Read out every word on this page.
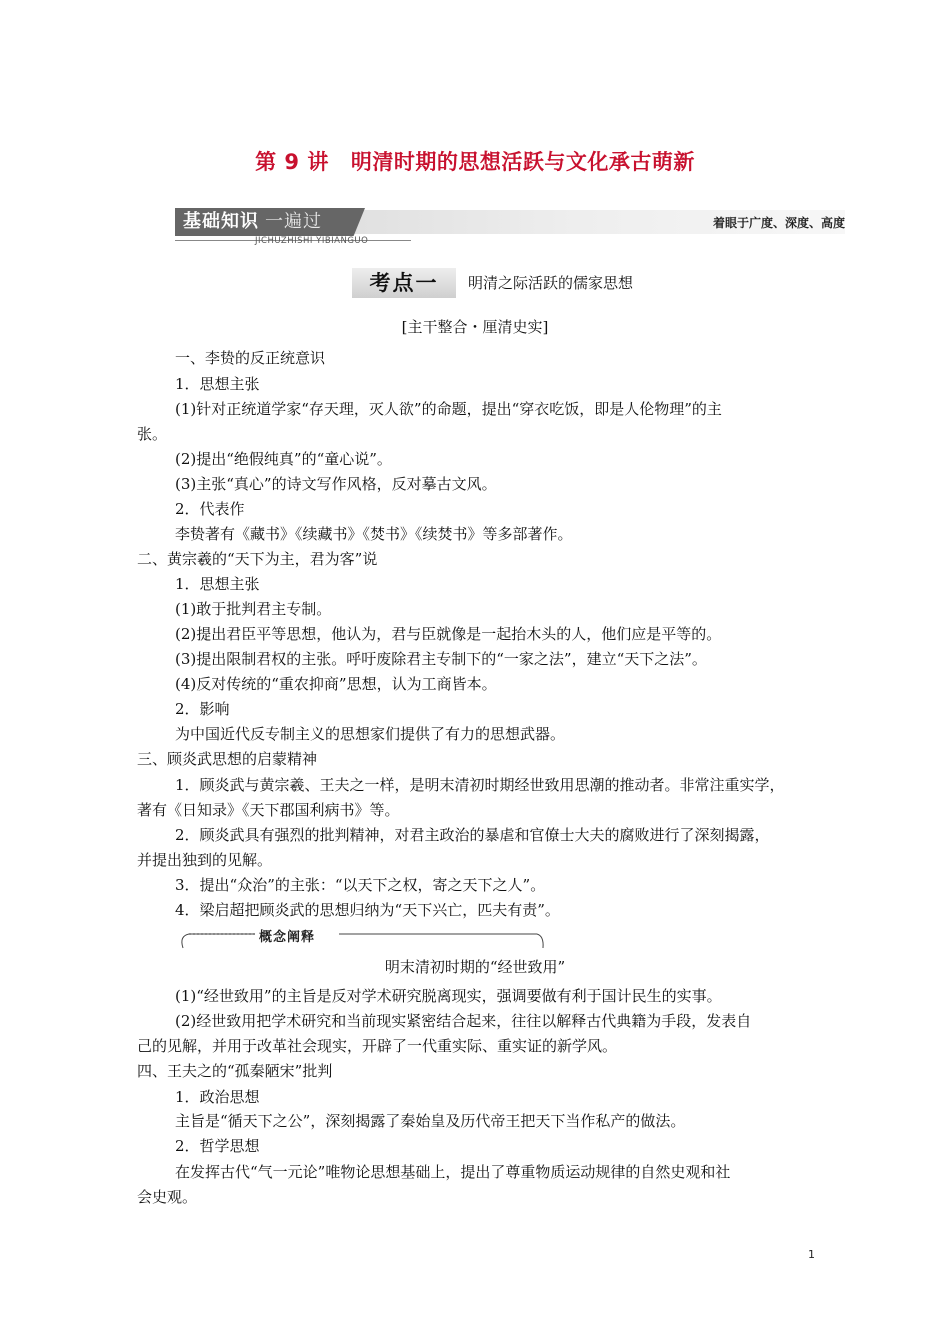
第 9 讲 明清时期的思想活跃与文化承古萌新
基础知识 一遍过
JICHUZHISHI YIBIANGUO
着眼于广度、深度、高度
考点一	明清之际活跃的儒家思想
[主干整合・厘清史实]
一、李贽的反正统意识
1．思想主张
(1)针对正统道学家“存天理，灭人欲”的命题，提出“穿衣吃饭，即是人伦物理”的主
张。
(2)提出“绝假纯真”的“童心说”。
(3)主张“真心”的诗文写作风格，反对摹古文风。
2．代表作
李贽著有《藏书》《续藏书》《焚书》《续焚书》等多部著作。
二、黄宗羲的“天下为主，君为客”说
1．思想主张
(1)敢于批判君主专制。
(2)提出君臣平等思想，他认为，君与臣就像是一起抬木头的人，他们应是平等的。
(3)提出限制君权的主张。呼吁废除君主专制下的“一家之法”，建立“天下之法”。
(4)反对传统的“重农抑商”思想，认为工商皆本。
2．影响
为中国近代反专制主义的思想家们提供了有力的思想武器。
三、顾炎武思想的启蒙精神
1．顾炎武与黄宗羲、王夫之一样，是明末清初时期经世致用思潮的推动者。非常注重实学，
著有《日知录》《天下郡国利病书》等。
2．顾炎武具有强烈的批判精神，对君主政治的暴虐和官僚士大夫的腐败进行了深刻揭露，
并提出独到的见解。
3．提出“众治”的主张：“以天下之权，寄之天下之人”。
4．梁启超把顾炎武的思想归纳为“天下兴亡，匹夫有责”。
概念阐释
明末清初时期的“经世致用”
(1)“经世致用”的主旨是反对学术研究脱离现实，强调要做有利于国计民生的实事。
(2)经世致用把学术研究和当前现实紧密结合起来，往往以解释古代典籍为手段，发表自
己的见解，并用于改革社会现实，开辟了一代重实际、重实证的新学风。
四、王夫之的“孤秦陋宋”批判
1．政治思想
主旨是“循天下之公”，深刻揭露了秦始皇及历代帝王把天下当作私产的做法。
2．哲学思想
在发挥古代“气一元论”唯物论思想基础上，提出了尊重物质运动规律的自然史观和社
会史观。
1
